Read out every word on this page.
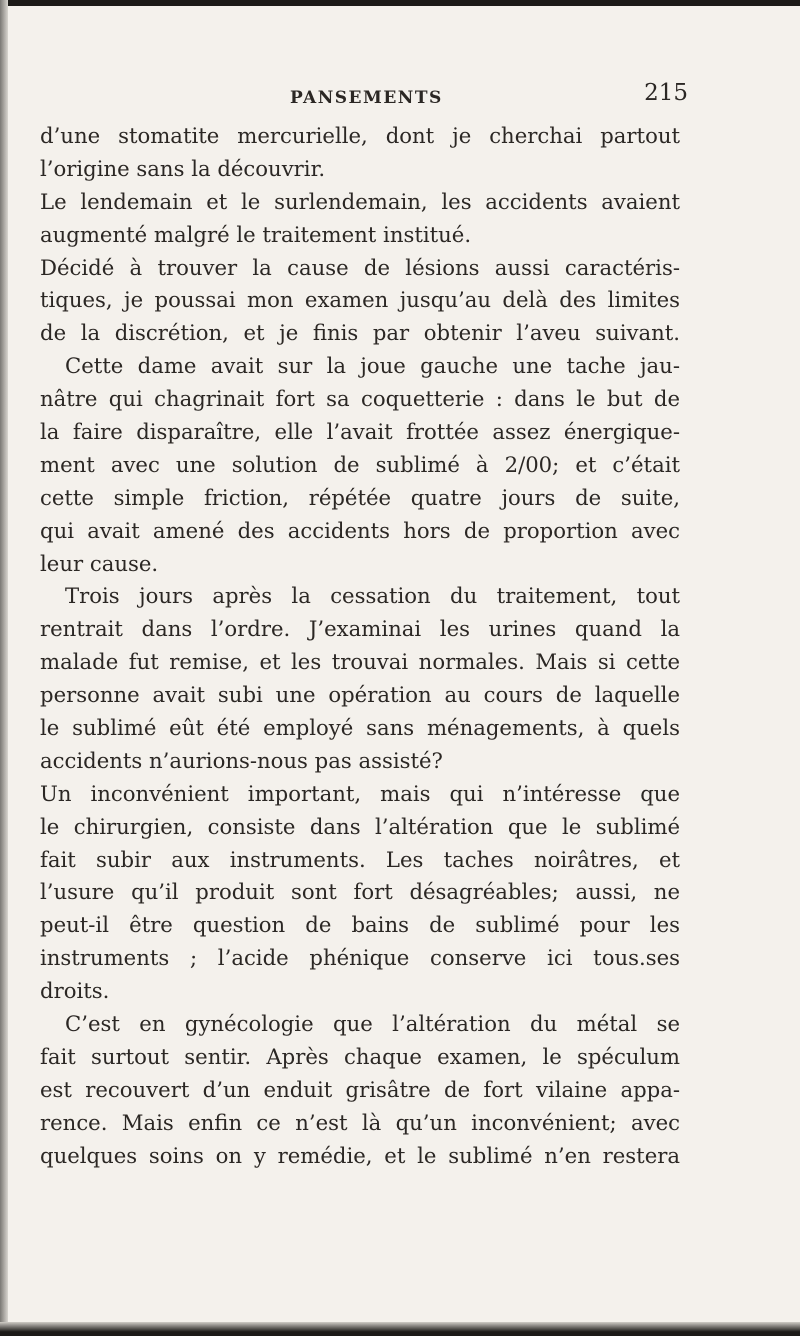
PANSEMENTS	215
d’une stomatite mercurielle, dont je cherchai partout
l’origine sans la découvrir.
Le lendemain et le surlendemain, les accidents avaient
augmenté malgré le traitement institué.
Décidé à trouver la cause de lésions aussi caractéris-
tiques, je poussai mon examen jusqu’au delà des limites
de la discrétion, et je finis par obtenir l’aveu suivant.
Cette dame avait sur la joue gauche une tache jau-
nâtre qui chagrinait fort sa coquetterie : dans le but de
la faire disparaître, elle l’avait frottée assez énergique-
ment avec une solution de sublimé à 2/00; et c’était
cette simple friction, répétée quatre jours de suite,
qui avait amené des accidents hors de proportion avec
leur cause.
Trois jours après la cessation du traitement, tout
rentrait dans l’ordre. J’examinai les urines quand la
malade fut remise, et les trouvai normales. Mais si cette
personne avait subi une opération au cours de laquelle
le sublimé eût été employé sans ménagements, à quels
accidents n’aurions-nous pas assisté?
Un inconvénient important, mais qui n’intéresse que
le chirurgien, consiste dans l’altération que le sublimé
fait subir aux instruments. Les taches noirâtres, et
l’usure qu’il produit sont fort désagréables; aussi, ne
peut-il être question de bains de sublimé pour les
instruments ; l’acide phénique conserve ici tous.ses
droits.
C’est en gynécologie que l’altération du métal se
fait surtout sentir. Après chaque examen, le spéculum
est recouvert d’un enduit grisâtre de fort vilaine appa-
rence. Mais enfin ce n’est là qu’un inconvénient; avec
quelques soins on y remédie, et le sublimé n’en restera
